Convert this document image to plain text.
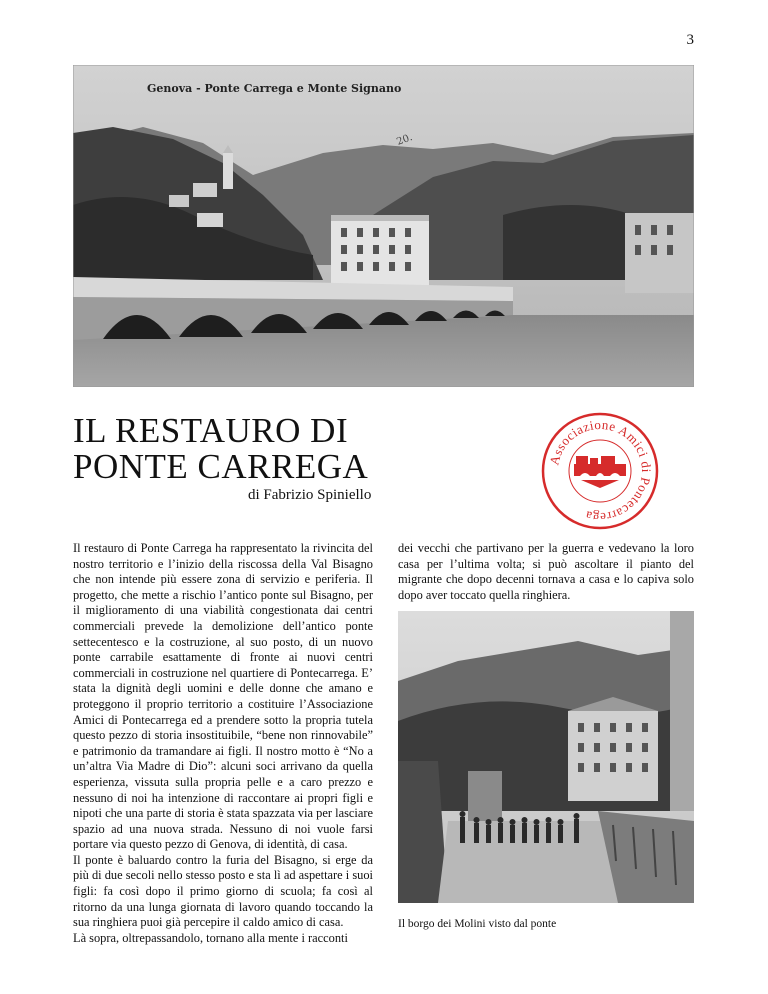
3
Genova - Ponte Carrega e Monte Signano
20.
IL RESTAURO DI
PONTE CARREGA
di Fabrizio Spiniello
Associazione Amici di Pontecarrega

Il restauro di Ponte Carrega ha rappresentato la rivincita del nostro territorio e l’inizio della riscossa della Val Bisagno che non intende più essere zona di servizio e periferia. Il progetto, che mette a rischio l’antico ponte sul Bisagno, per il miglioramento di una viabilità congestionata dai centri commerciali prevede la demolizione dell’antico ponte settecentesco e la costruzione, al suo posto, di un nuovo ponte carrabile esattamente di fronte ai nuovi centri commerciali in costruzione nel quartiere di Pontecarrega. E’ stata la dignità degli uomini e delle donne che amano e proteggono il proprio territorio a costituire l’Associazione Amici di Pontecarrega ed a prendere sotto la propria tutela questo pezzo di storia insostituibile, “bene non rinnovabile” e patrimonio da tramandare ai figli. Il nostro motto è “No a un’altra Via Madre di Dio”: alcuni soci arrivano da quella esperienza, vissuta sulla propria pelle e a caro prezzo e nessuno di noi ha intenzione di raccontare ai propri figli e nipoti che una parte di storia è stata spazzata via per lasciare spazio ad una nuova strada. Nessuno di noi vuole farsi portare via questo pezzo di Genova, di identità, di casa.

Il ponte è baluardo contro la furia del Bisagno, si erge da più di due secoli nello stesso posto e sta lì ad aspettare i suoi figli: fa così dopo il primo giorno di scuola; fa così al ritorno da una lunga giornata di lavoro quando toccando la sua ringhiera puoi già percepire il caldo amico di casa.

Là sopra, oltrepassandolo, tornano alla mente i racconti

dei vecchi che partivano per la guerra e vedevano la loro casa per l’ultima volta; si può ascoltare il pianto del migrante che dopo decenni tornava a casa e lo capiva solo dopo aver toccato quella ringhiera.

Il borgo dei Molini visto dal ponte
